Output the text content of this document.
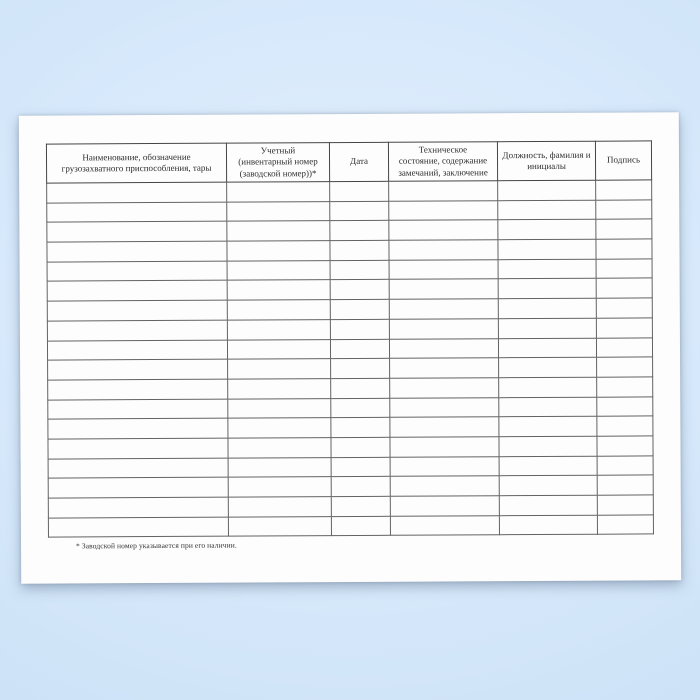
Наименование, обозначение
грузозахватного приспособления, тары	Учетный
(инвентарный номер
(заводской номер))*	Дата	Техническое
состояние, содержание
замечаний, заключение	Должность, фамилия и
инициалы	Подпись

* Заводской номер указывается при его наличии.
